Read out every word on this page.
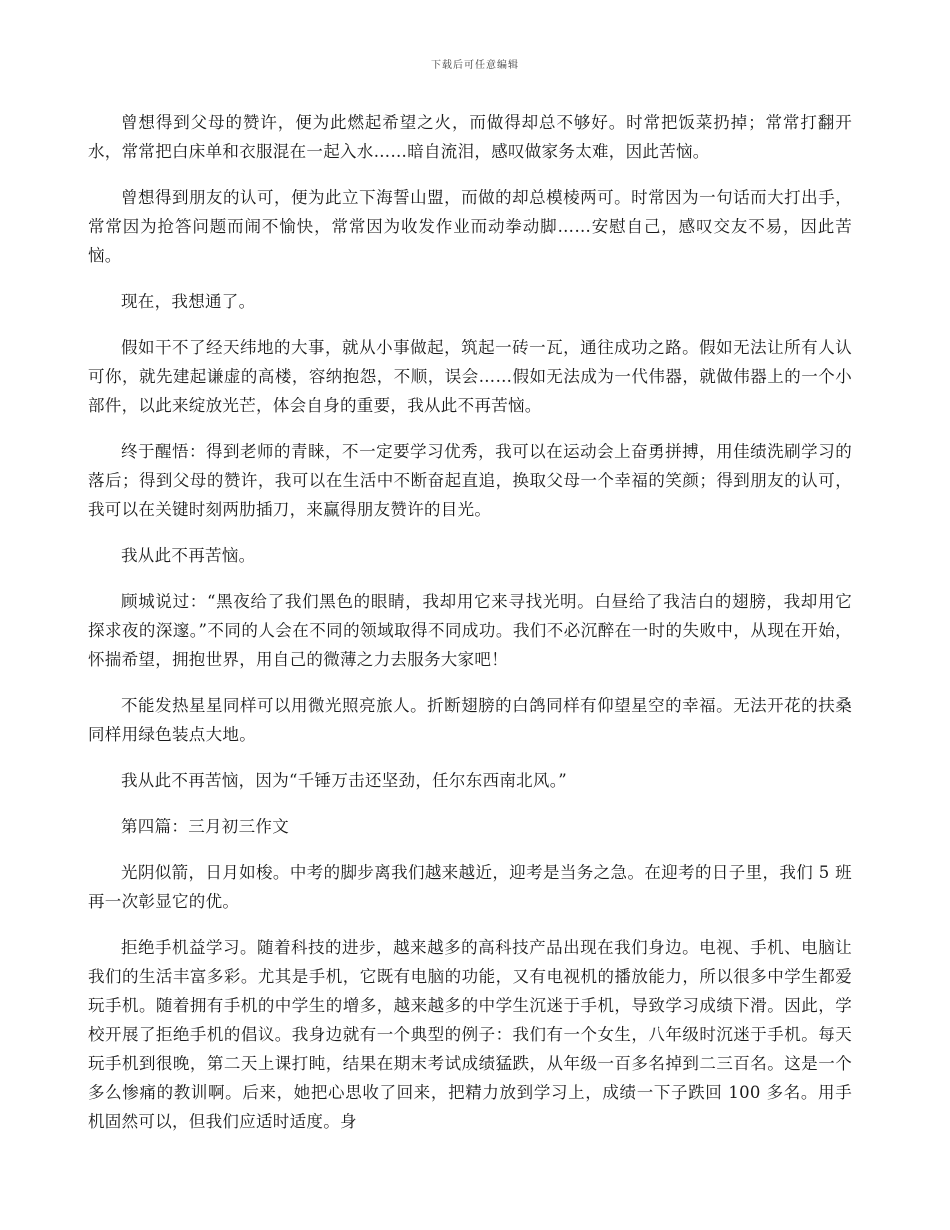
下载后可任意编辑

曾想得到父母的赞许，便为此燃起希望之火，而做得却总不够好。时常把饭菜扔掉；常常打翻开水，常常把白床单和衣服混在一起入水……暗自流泪，感叹做家务太难，因此苦恼。

曾想得到朋友的认可，便为此立下海誓山盟，而做的却总模棱两可。时常因为一句话而大打出手，常常因为抢答问题而闹不愉快，常常因为收发作业而动拳动脚……安慰自己，感叹交友不易，因此苦恼。

现在，我想通了。

假如干不了经天纬地的大事，就从小事做起，筑起一砖一瓦，通往成功之路。假如无法让所有人认可你，就先建起谦虚的高楼，容纳抱怨，不顺，误会……假如无法成为一代伟器，就做伟器上的一个小部件，以此来绽放光芒，体会自身的重要，我从此不再苦恼。

终于醒悟：得到老师的青睐，不一定要学习优秀，我可以在运动会上奋勇拼搏，用佳绩洗刷学习的落后；得到父母的赞许，我可以在生活中不断奋起直追，换取父母一个幸福的笑颜；得到朋友的认可，我可以在关键时刻两肋插刀，来赢得朋友赞许的目光。

我从此不再苦恼。

顾城说过：“黑夜给了我们黑色的眼睛，我却用它来寻找光明。白昼给了我洁白的翅膀，我却用它探求夜的深邃。”不同的人会在不同的领域取得不同成功。我们不必沉醉在一时的失败中，从现在开始，怀揣希望，拥抱世界，用自己的微薄之力去服务大家吧！

不能发热星星同样可以用微光照亮旅人。折断翅膀的白鸽同样有仰望星空的幸福。无法开花的扶桑同样用绿色装点大地。

我从此不再苦恼，因为“千锤万击还坚劲，任尔东西南北风。”

第四篇：三月初三作文

光阴似箭，日月如梭。中考的脚步离我们越来越近，迎考是当务之急。在迎考的日子里，我们 5 班再一次彰显它的优。

拒绝手机益学习。随着科技的进步，越来越多的高科技产品出现在我们身边。电视、手机、电脑让我们的生活丰富多彩。尤其是手机，它既有电脑的功能，又有电视机的播放能力，所以很多中学生都爱玩手机。随着拥有手机的中学生的增多，越来越多的中学生沉迷于手机，导致学习成绩下滑。因此，学校开展了拒绝手机的倡议。我身边就有一个典型的例子：我们有一个女生，八年级时沉迷于手机。每天玩手机到很晚，第二天上课打盹，结果在期末考试成绩猛跌，从年级一百多名掉到二三百名。这是一个多么惨痛的教训啊。后来，她把心思收了回来，把精力放到学习上，成绩一下子跌回 100 多名。用手机固然可以，但我们应适时适度。身
